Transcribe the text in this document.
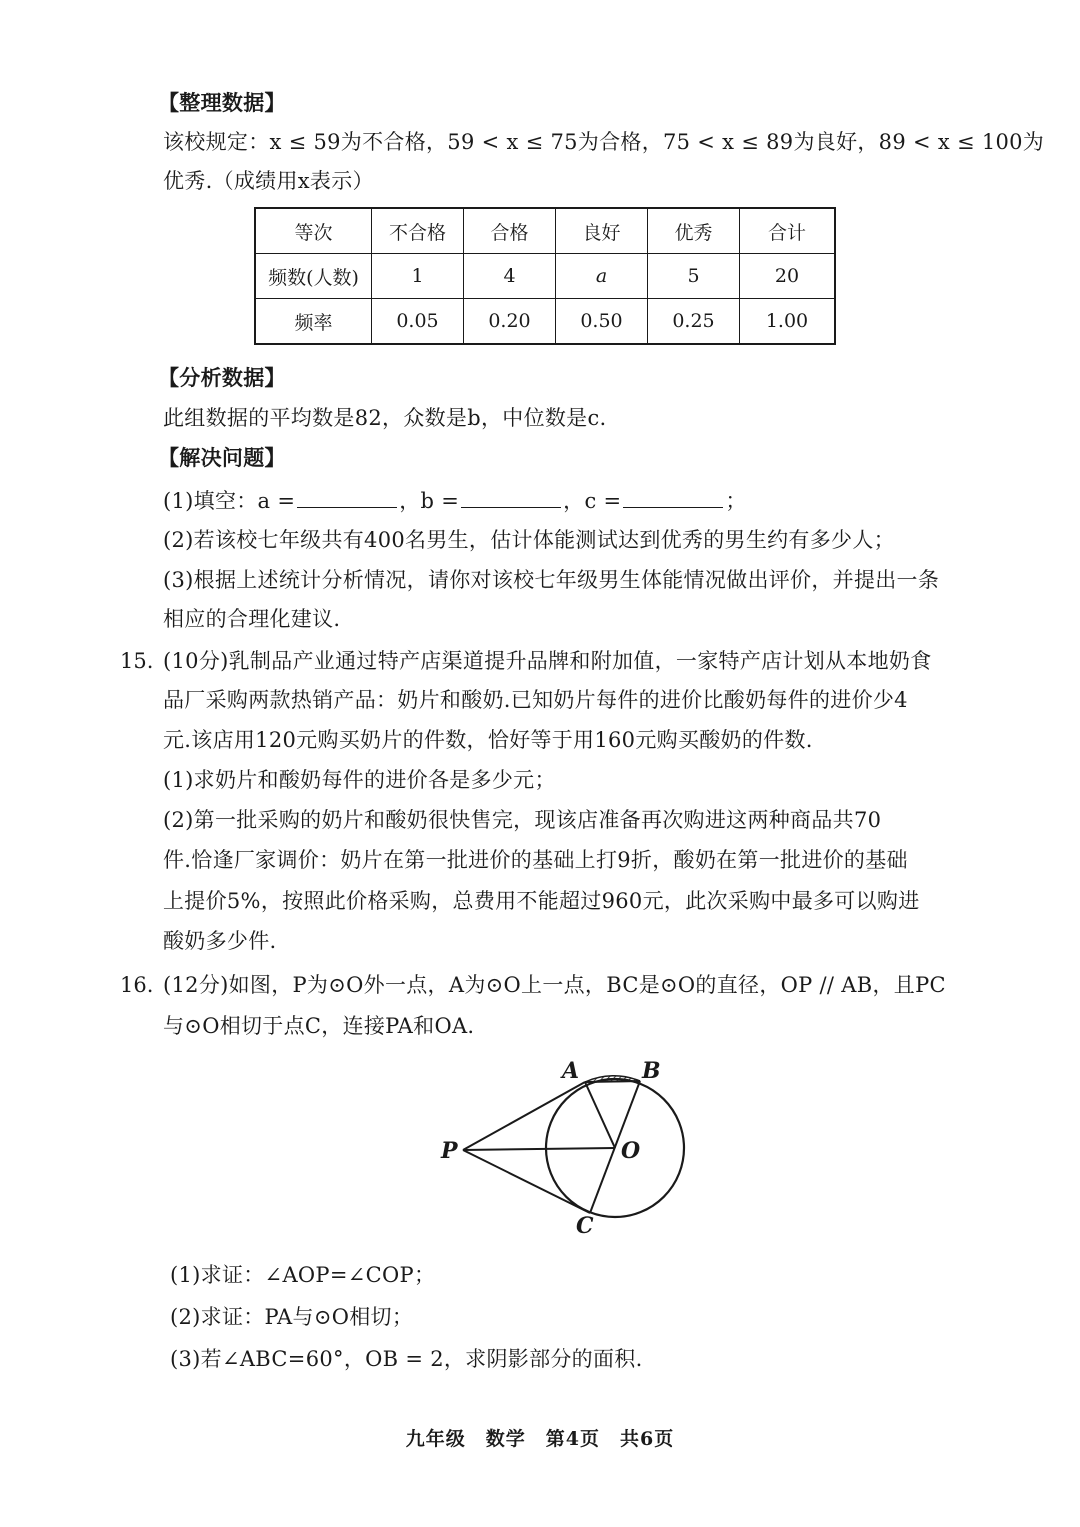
【整理数据】
该校规定：x ≤ 59为不合格，59 < x ≤ 75为合格，75 < x ≤ 89为良好，89 < x ≤ 100为
优秀.（成绩用x表示）
等次	不合格	合格	良好	优秀	合计
频数(人数)	1	4	a	5	20
频率	0.05	0.20	0.50	0.25	1.00
【分析数据】
此组数据的平均数是82，众数是b，中位数是c.
【解决问题】
(1)填空：a =	，b =	，c =	；
(2)若该校七年级共有400名男生，估计体能测试达到优秀的男生约有多少人；
(3)根据上述统计分析情况，请你对该校七年级男生体能情况做出评价，并提出一条
相应的合理化建议.
15. (10分)乳制品产业通过特产店渠道提升品牌和附加值，一家特产店计划从本地奶食
品厂采购两款热销产品：奶片和酸奶.已知奶片每件的进价比酸奶每件的进价少4
元.该店用120元购买奶片的件数，恰好等于用160元购买酸奶的件数.
(1)求奶片和酸奶每件的进价各是多少元；
(2)第一批采购的奶片和酸奶很快售完，现该店准备再次购进这两种商品共70
件.恰逢厂家调价：奶片在第一批进价的基础上打9折，酸奶在第一批进价的基础
上提价5%，按照此价格采购，总费用不能超过960元，此次采购中最多可以购进
酸奶多少件.
16. (12分)如图，P为⊙O外一点，A为⊙O上一点，BC是⊙O的直径，OP // AB，且PC
与⊙O相切于点C，连接PA和OA.
A	B
P	O
C
(1)求证：∠AOP=∠COP；
(2)求证：PA与⊙O相切；
(3)若∠ABC=60°，OB = 2，求阴影部分的面积.
九年级　数学　第4页　共6页
